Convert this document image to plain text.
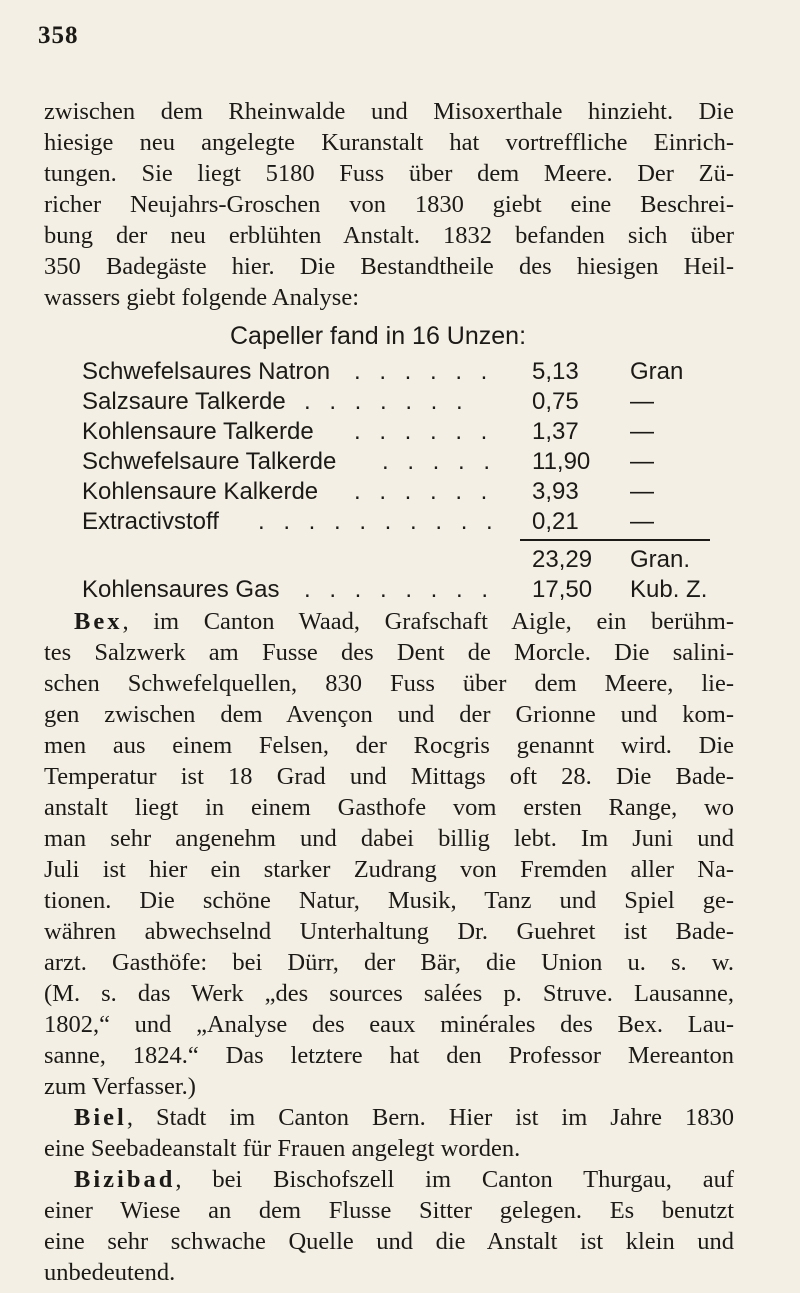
358
zwischen dem Rheinwalde und Misoxerthale hinzieht. Die
hiesige neu angelegte Kuranstalt hat vortreffliche Einrich-
tungen. Sie liegt 5180 Fuss über dem Meere. Der Zü-
richer Neujahrs-Groschen von 1830 giebt eine Beschrei-
bung der neu erblühten Anstalt. 1832 befanden sich über
350 Badegäste hier. Die Bestandtheile des hiesigen Heil-
wassers giebt folgende Analyse:
Capeller fand in 16 Unzen:
Schwefelsaures Natron . . . . . . 5,13	Gran
Salzsaure Talkerde . . . . . . .	0,75	—
Kohlensaure Talkerde . . . . . . 1,37	—
Schwefelsaure Talkerde . . . . . 11,90	—
Kohlensaure Kalkerde . . . . . . 3,93	—
Extractivstoff . . . . . . . . . . 0,21	—
23,29	Gran.
Kohlensaures Gas . . . . . . . . 17,50	Kub. Z.
Bex, im Canton Waad, Grafschaft Aigle, ein berühm-
tes Salzwerk am Fusse des Dent de Morcle. Die salini-
schen Schwefelquellen, 830 Fuss über dem Meere, lie-
gen zwischen dem Avençon und der Grionne und kom-
men aus einem Felsen, der Rocgris genannt wird. Die
Temperatur ist 18 Grad und Mittags oft 28. Die Bade-
anstalt liegt in einem Gasthofe vom ersten Range, wo
man sehr angenehm und dabei billig lebt. Im Juni und
Juli ist hier ein starker Zudrang von Fremden aller Na-
tionen. Die schöne Natur, Musik, Tanz und Spiel ge-
währen abwechselnd Unterhaltung Dr. Guehret ist Bade-
arzt. Gasthöfe: bei Dürr, der Bär, die Union u. s. w.
(M. s. das Werk „des sources salées p. Struve. Lausanne,
1802,“ und „Analyse des eaux minérales des Bex. Lau-
sanne, 1824.“ Das letztere hat den Professor Mereanton
zum Verfasser.)
Biel, Stadt im Canton Bern. Hier ist im Jahre 1830
eine Seebadeanstalt für Frauen angelegt worden.
Bizibad, bei Bischofszell im Canton Thurgau, auf
einer Wiese an dem Flusse Sitter gelegen. Es benutzt
eine sehr schwache Quelle und die Anstalt ist klein und
unbedeutend.
